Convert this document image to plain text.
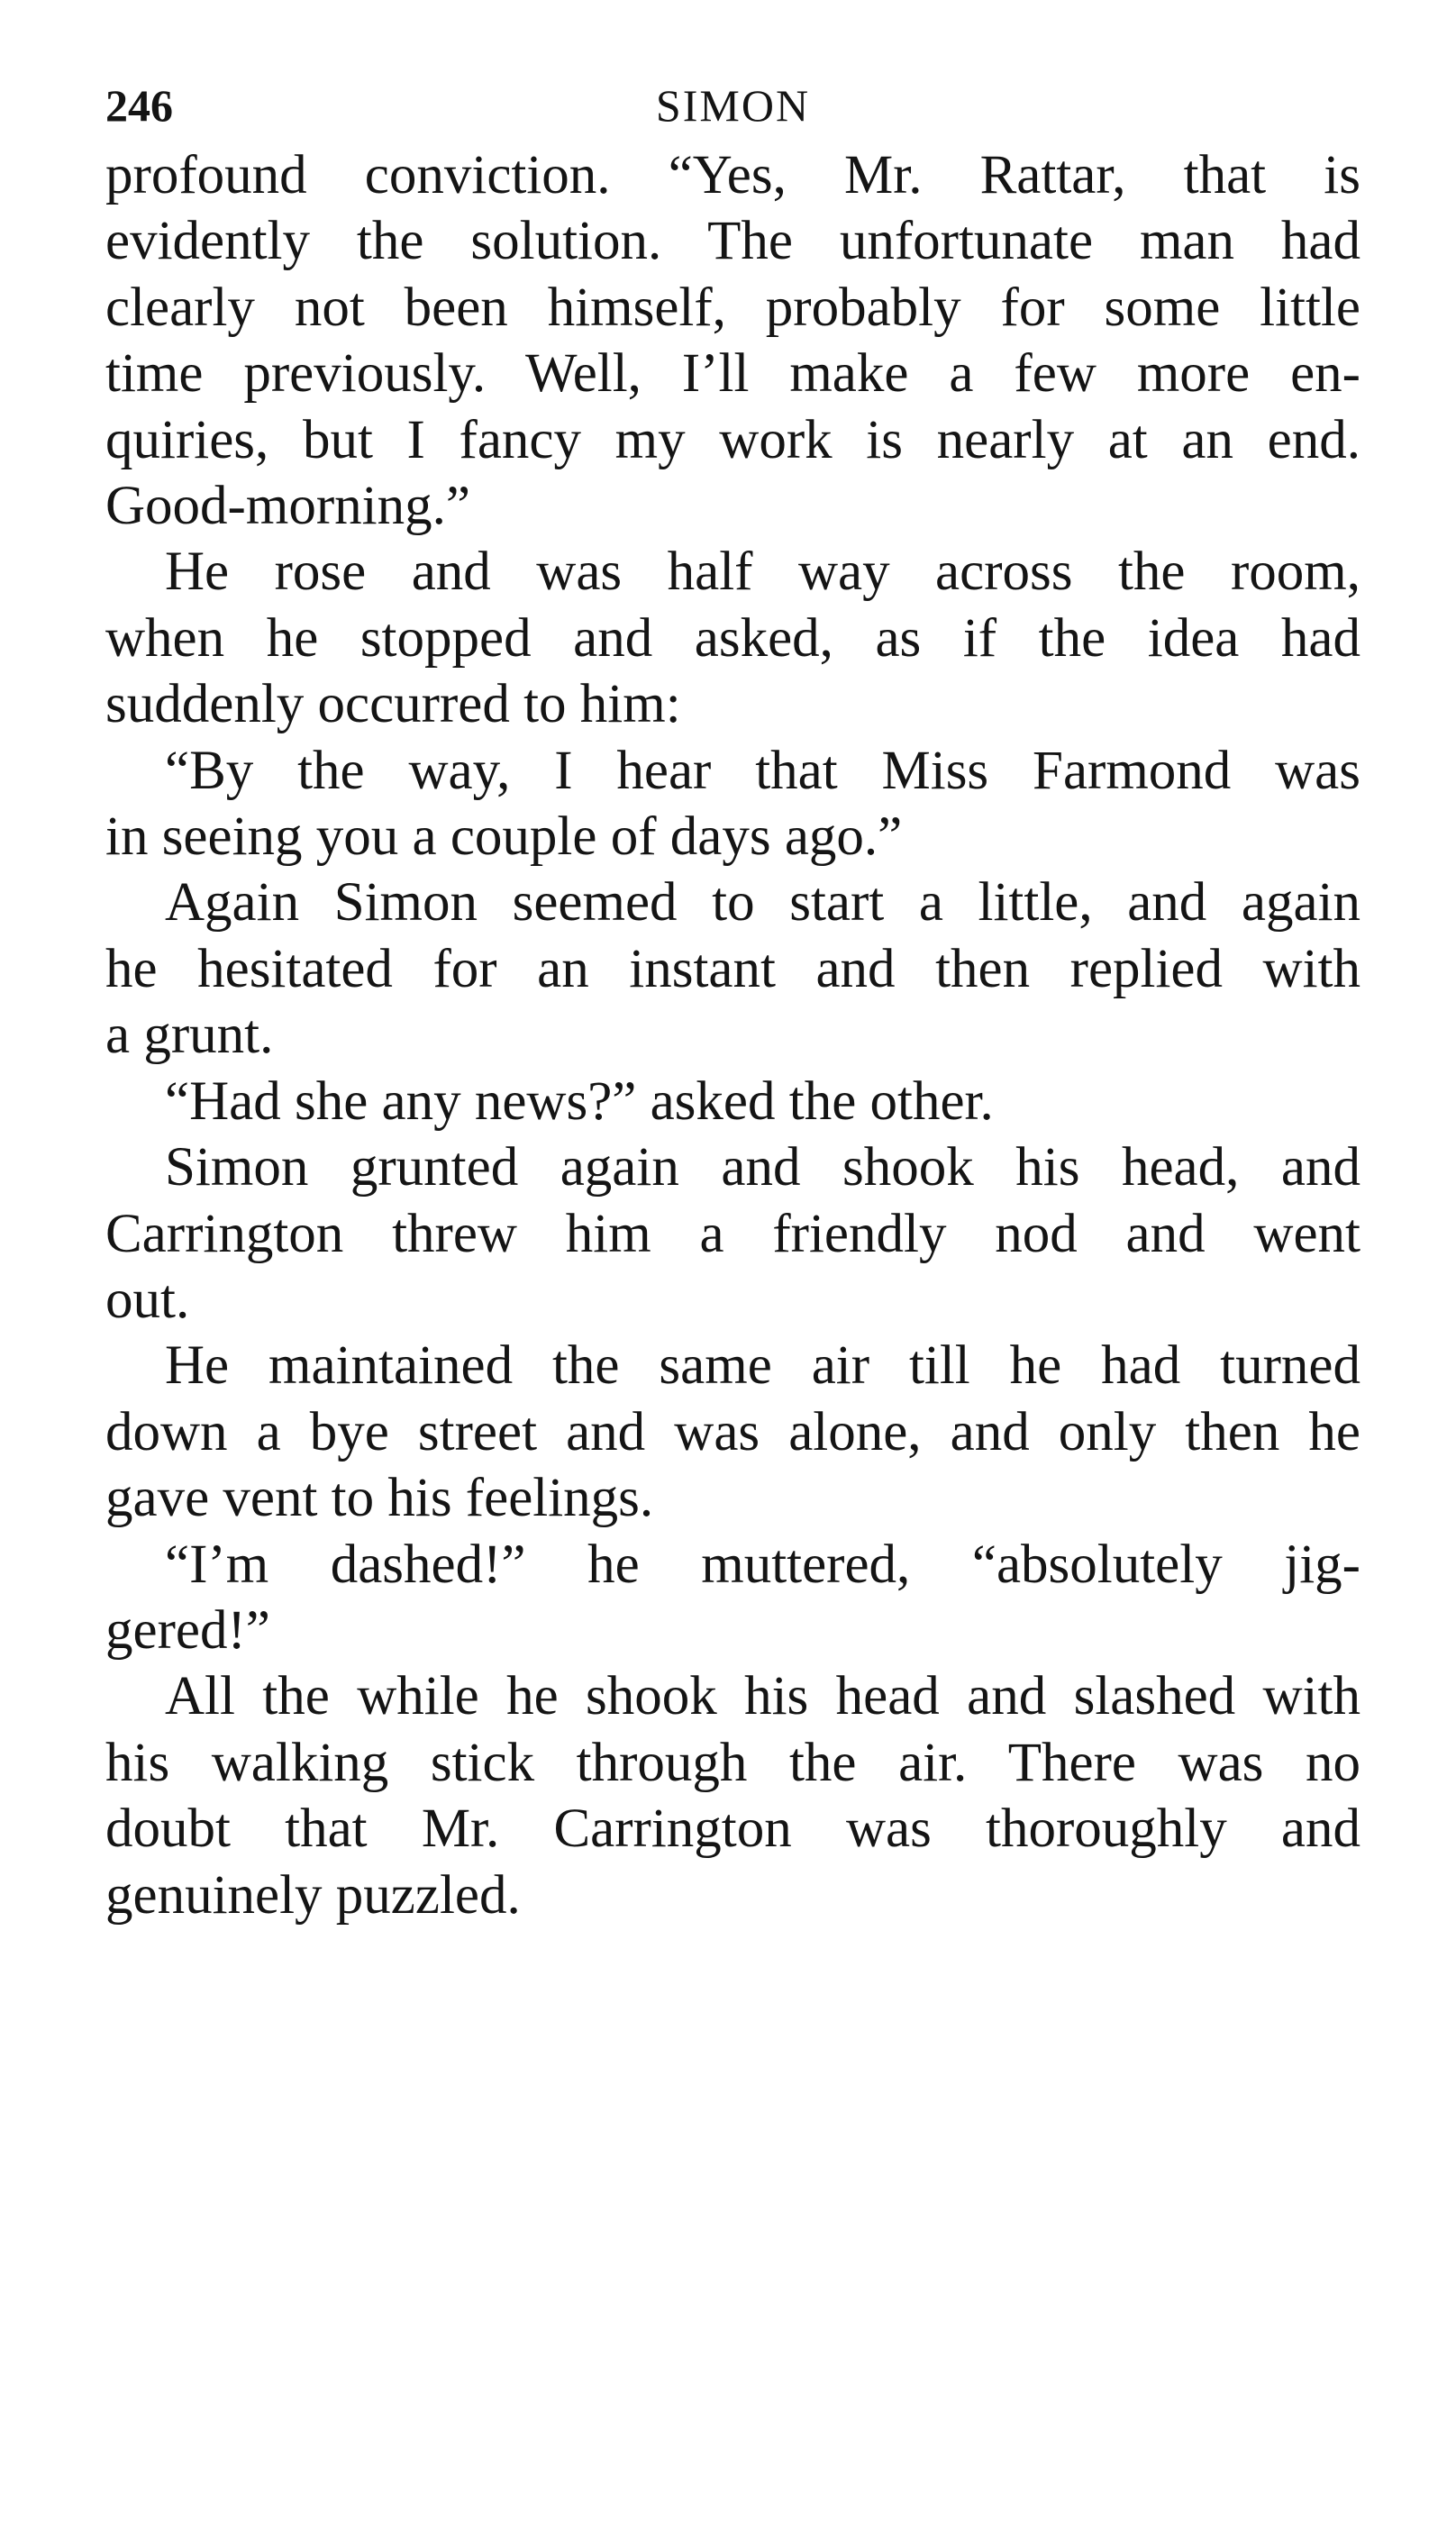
246	SIMON

profound conviction. “Yes, Mr. Rattar, that is
evidently the solution. The unfortunate man had
clearly not been himself, probably for some little
time previously. Well, I’ll make a few more en-
quiries, but I fancy my work is nearly at an end.
Good-morning.”

He rose and was half way across the room,
when he stopped and asked, as if the idea had
suddenly occurred to him:

“By the way, I hear that Miss Farmond was
in seeing you a couple of days ago.”

Again Simon seemed to start a little, and again
he hesitated for an instant and then replied with
a grunt.

“Had she any news?” asked the other.

Simon grunted again and shook his head, and
Carrington threw him a friendly nod and went
out.

He maintained the same air till he had turned
down a bye street and was alone, and only then he
gave vent to his feelings.

“I’m dashed!” he muttered, “absolutely jig-
gered!”

All the while he shook his head and slashed with
his walking stick through the air. There was no
doubt that Mr. Carrington was thoroughly and
genuinely puzzled.
